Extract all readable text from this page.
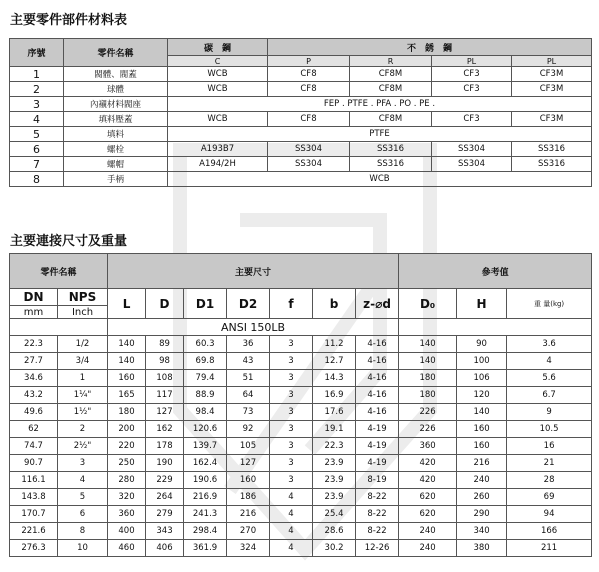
主要零件部件材料表
序號	零件名稱	碳　鋼	不　銹　鋼			
		C	P	R	PL	PL
1	閥體、閥蓋	WCB	CF8	CF8M	CF3	CF3M
2	球體	WCB	CF8	CF8M	CF3	CF3M
3	內襯材料閥座	FEP . PTFE . PFA . PO . PE .				
4	填料壓蓋	WCB	CF8	CF8M	CF3	CF3M
5	填料	PTFE				
6	螺栓	A193B7	SS304	SS316	SS304	SS316
7	螺帽	A194/2H	SS304	SS316	SS304	SS316
8	手柄	WCB				
主要連接尺寸及重量
零件名稱		主要尺寸							參考值		
DN	NPS	L	D	D1	D2	f	b	z-⌀d	D₀	H	重 量(kg)
mm	Inch										
		ANSI 150LB									
22.3	1/2	140	89	60.3	36	3	11.2	4-16	140	90	3.6
27.7	3/4	140	98	69.8	43	3	12.7	4-16	140	100	4
34.6	1	160	108	79.4	51	3	14.3	4-16	180	106	5.6
43.2	1¼"	165	117	88.9	64	3	16.9	4-16	180	120	6.7
49.6	1½"	180	127	98.4	73	3	17.6	4-16	226	140	9
62	2	200	162	120.6	92	3	19.1	4-19	226	160	10.5
74.7	2½"	220	178	139.7	105	3	22.3	4-19	360	160	16
90.7	3	250	190	162.4	127	3	23.9	4-19	420	216	21
116.1	4	280	229	190.6	160	3	23.9	8-19	420	240	28
143.8	5	320	264	216.9	186	4	23.9	8-22	620	260	69
170.7	6	360	279	241.3	216	4	25.4	8-22	620	290	94
221.6	8	400	343	298.4	270	4	28.6	8-22	240	340	166
276.3	10	460	406	361.9	324	4	30.2	12-26	240	380	211
